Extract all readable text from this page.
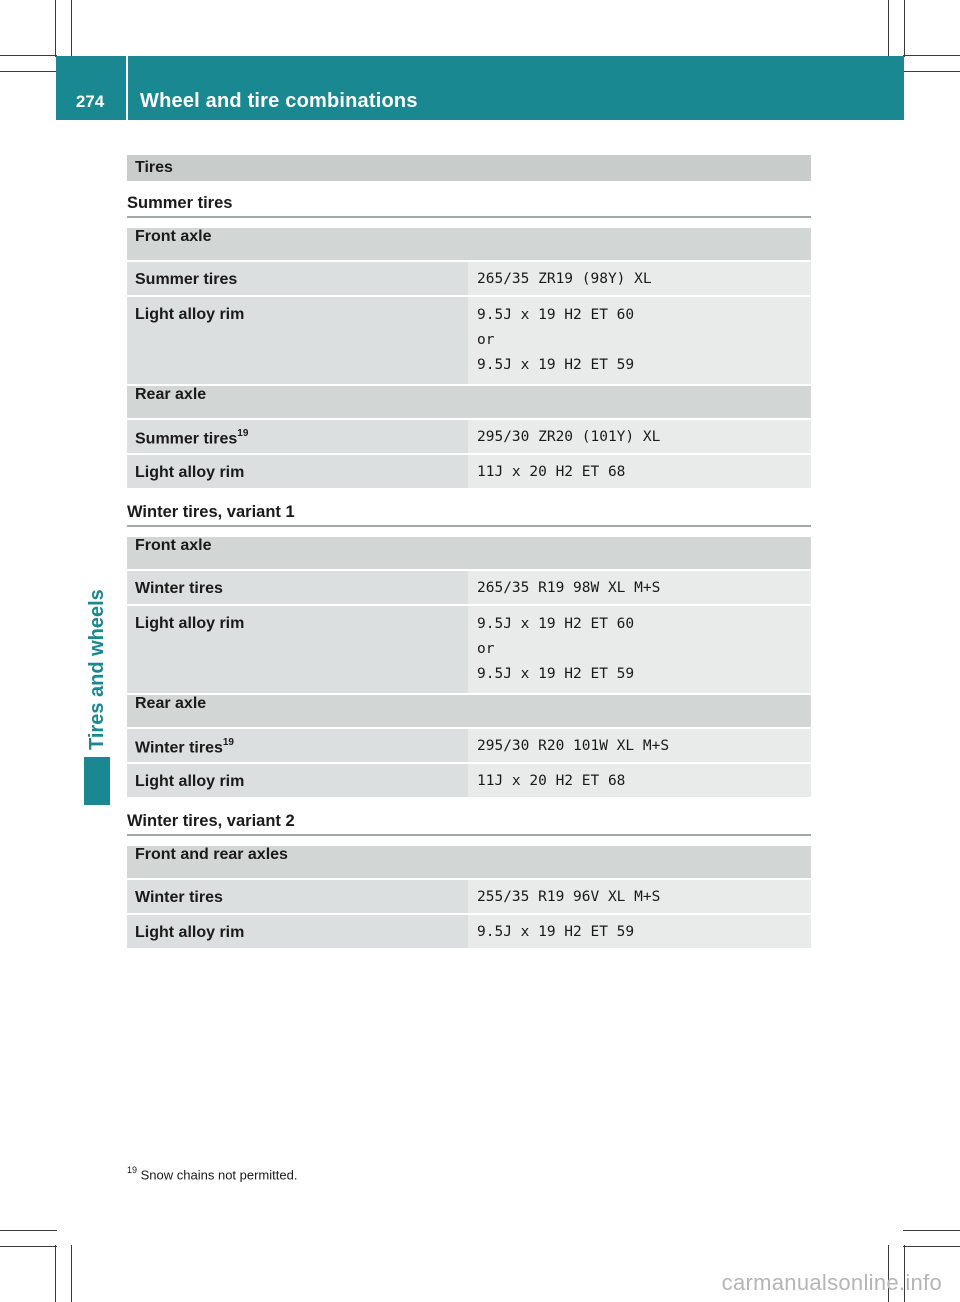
274	Wheel and tire combinations
Tires and wheels
Tires
Summer tires
Front axle	
Summer tires	265/35 ZR19 (98Y) XL

Light alloy rim	9.5J x 19 H2 ET 60
or
9.5J x 19 H2 ET 59

Rear axle	
Summer tires$^{19}$	295/30 ZR20 (101Y) XL

Light alloy rim	11J x 20 H2 ET 68
Winter tires, variant 1
Front axle	
Winter tires	265/35 R19 98W XL M+S

Light alloy rim	9.5J x 19 H2 ET 60
or
9.5J x 19 H2 ET 59

Rear axle	
Winter tires$^{19}$	295/30 R20 101W XL M+S

Light alloy rim	11J x 20 H2 ET 68
Winter tires, variant 2
Front and rear axles	
Winter tires	255/35 R19 96V XL M+S

Light alloy rim	9.5J x 19 H2 ET 59
$^{19}$ Snow chains not permitted.
carmanualsonline.info
